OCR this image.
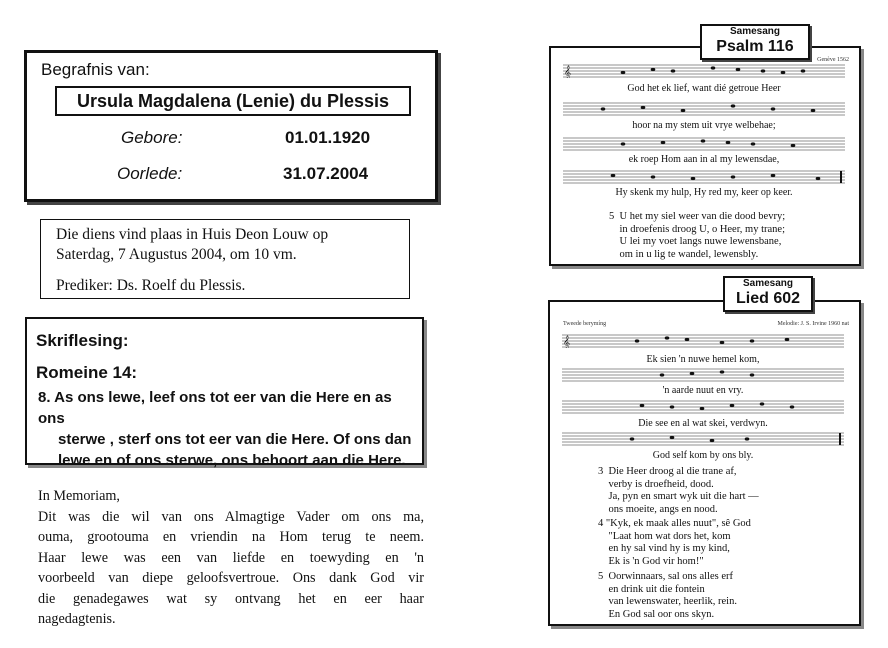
Begrafnis van:
Ursula Magdalena (Lenie) du Plessis
Gebore:	01.01.1920
Oorlede:	31.07.2004

Die diens vind plaas in Huis Deon Louw op
Saterdag, 7 Augustus 2004, om 10 vm.

Prediker: Ds. Roelf du Plessis.

Skriflesing:
Romeine 14:
8. As ons lewe, leef ons tot eer van die Here en as ons
sterwe , sterf ons tot eer van die Here. Of ons dan
lewe en of ons sterwe, ons behoort aan die Here.
In Memoriam,
Dit was die wil van ons Almagtige Vader om ons ma,
ouma, grootouma en vriendin na Hom terug te neem.
Haar lewe was een van liefde en toewyding en 'n
voorbeeld van diepe geloofsvertroue. Ons dank God vir
die genadegawes wat sy ontvang het en eer haar
nagedagtenis.
Genève 1562
𝄞
God het ek lief, want dié getroue Heer
hoor na my stem uit vrye welbehae;
ek roep Hom aan in al my lewensdae,
Hy skenk my hulp, Hy red my, keer op keer.
5  U het my siel weer van die dood bevry;
in droefenis droog U, o Heer, my trane;
U lei my voet langs nuwe lewensbane,
om in u lig te wandel, lewensbly.
Samesang
Psalm 116
Tweede berymíng	Melodie: J. S. Irvine 1960 nat
𝄞
Ek sien 'n nuwe hemel kom,
'n aarde nuut en vry.
Die see en al wat skei, verdwyn.
God self kom by ons bly.
3  Die Heer droog al die trane af,
verby is droefheid, dood.
Ja, pyn en smart wyk uit die hart —
ons moeite, angs en nood.
4 "Kyk, ek maak alles nuut", sê God
"Laat hom wat dors het, kom
en hy sal vind hy is my kind,
Ek is 'n God vir hom!"
5  Oorwinnaars, sal ons alles erf
en drink uit die fontein
van lewenswater, heerlik, rein.
En God sal oor ons skyn.
Samesang
Lied 602
